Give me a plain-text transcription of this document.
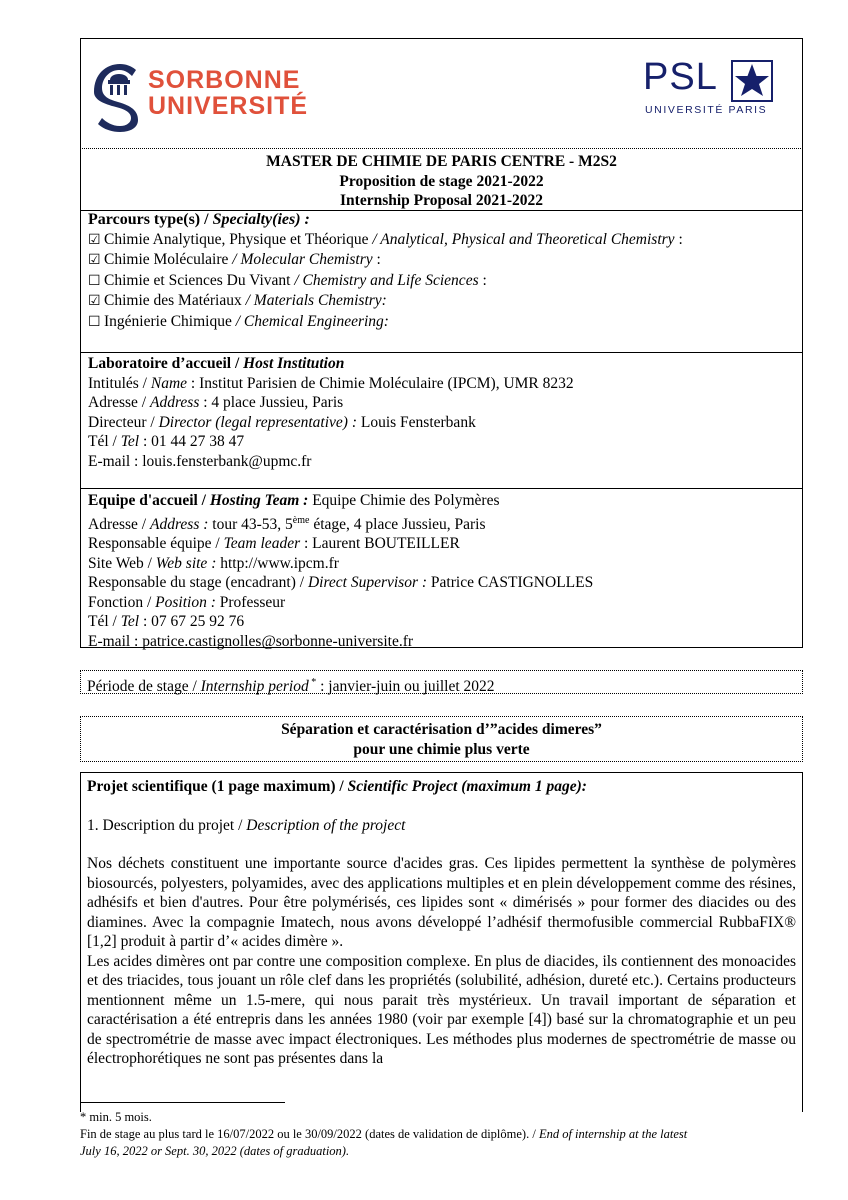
SORBONNE
UNIVERSITÉ
PSL
UNIVERSITÉ PARIS
MASTER DE CHIMIE DE PARIS CENTRE - M2S2
Proposition de stage 2021-2022
Internship Proposal 2021-2022
Parcours type(s) / Specialty(ies) :
☑ Chimie Analytique, Physique et Théorique / Analytical, Physical and Theoretical Chemistry :
☑ Chimie Moléculaire / Molecular Chemistry :
☐ Chimie et Sciences Du Vivant / Chemistry and Life Sciences :
☑ Chimie des Matériaux / Materials Chemistry:
☐ Ingénierie Chimique / Chemical Engineering:
Laboratoire d’accueil / Host Institution
Intitulés / Name : Institut Parisien de Chimie Moléculaire (IPCM), UMR 8232
Adresse / Address : 4 place Jussieu, Paris
Directeur / Director (legal representative) : Louis Fensterbank
Tél / Tel : 01 44 27 38 47
E-mail : louis.fensterbank@upmc.fr
Equipe d'accueil / Hosting Team : Equipe Chimie des Polymères
Adresse / Address : tour 43-53, 5ème étage, 4 place Jussieu, Paris
Responsable équipe / Team leader : Laurent BOUTEILLER
Site Web / Web site : http://www.ipcm.fr
Responsable du stage (encadrant) / Direct Supervisor : Patrice CASTIGNOLLES
Fonction / Position : Professeur
Tél / Tel : 07 67 25 92 76
E-mail : patrice.castignolles@sorbonne-universite.fr
Période de stage / Internship period * : janvier-juin ou juillet 2022
Séparation et caractérisation d’”acides dimeres”
pour une chimie plus verte
Projet scientifique (1 page maximum) / Scientific Project (maximum 1 page):
1. Description du projet / Description of the project
Nos déchets constituent une importante source d'acides gras. Ces lipides permettent la synthèse de polymères biosourcés, polyesters, polyamides, avec des applications multiples et en plein développement comme des résines, adhésifs et bien d'autres. Pour être polymérisés, ces lipides sont « dimérisés » pour former des diacides ou des diamines. Avec la compagnie Imatech, nous avons développé l’adhésif thermofusible commercial RubbaFIX® [1,2] produit à partir d’« acides dimère ».
Les acides dimères ont par contre une composition complexe. En plus de diacides, ils contiennent des monoacides et des triacides, tous jouant un rôle clef dans les propriétés (solubilité, adhésion, dureté etc.). Certains producteurs mentionnent même un 1.5-mere, qui nous parait très mystérieux. Un travail important de séparation et caractérisation a été entrepris dans les années 1980 (voir par exemple [4]) basé sur la chromatographie et un peu de spectrométrie de masse avec impact électroniques. Les méthodes plus modernes de spectrométrie de masse ou électrophorétiques ne sont pas présentes dans la
* min. 5 mois.
Fin de stage au plus tard le 16/07/2022 ou le 30/09/2022 (dates de validation de diplôme). / End of internship at the latest
July 16, 2022 or Sept. 30, 2022 (dates of graduation).
